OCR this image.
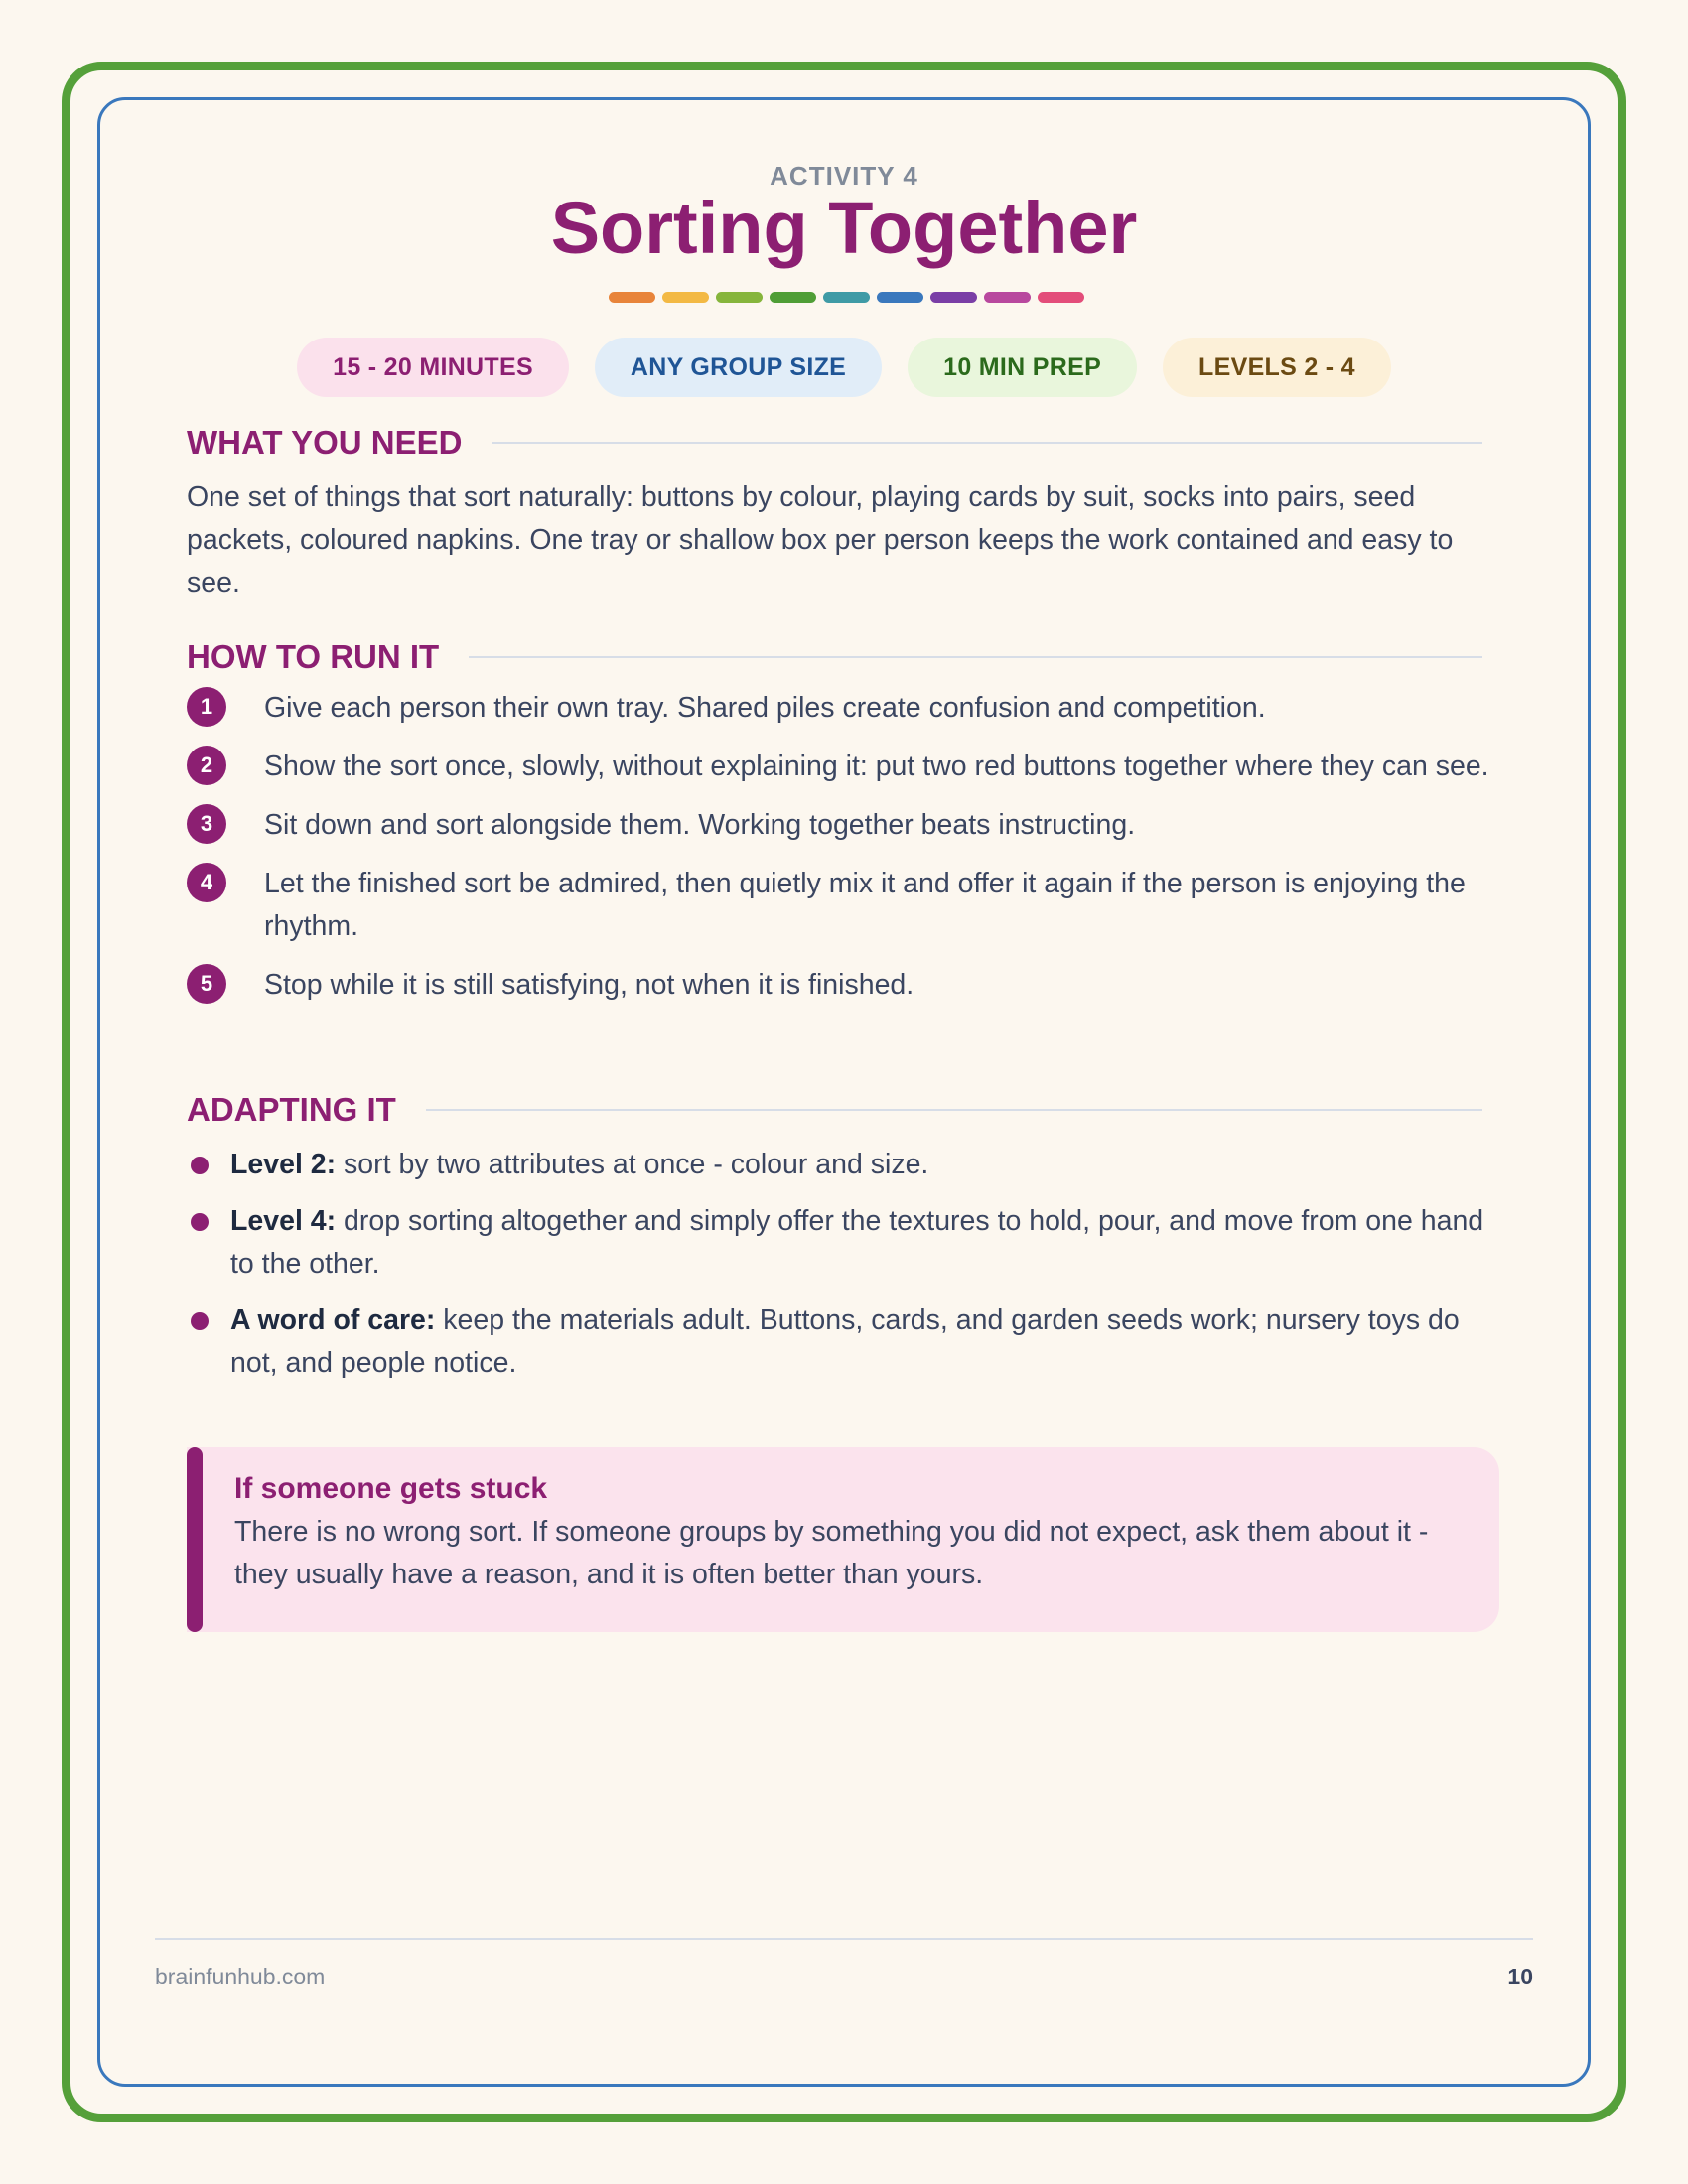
ACTIVITY 4
Sorting Together
15 - 20 MINUTES	ANY GROUP SIZE	10 MIN PREP	LEVELS 2 - 4
WHAT YOU NEED

One set of things that sort naturally: buttons by colour, playing cards by suit, socks into pairs, seed packets, coloured napkins. One tray or shallow box per person keeps the work contained and easy to see.

HOW TO RUN IT
1	Give each person their own tray. Shared piles create confusion and competition.
2	Show the sort once, slowly, without explaining it: put two red buttons together where they can see.
3	Sit down and sort alongside them. Working together beats instructing.
4	Let the finished sort be admired, then quietly mix it and offer it again if the person is enjoying the rhythm.
5	Stop while it is still satisfying, not when it is finished.
ADAPTING IT
Level 2: sort by two attributes at once - colour and size.
Level 4: drop sorting altogether and simply offer the textures to hold, pour, and move from one hand to the other.
A word of care: keep the materials adult. Buttons, cards, and garden seeds work; nursery toys do not, and people notice.
If someone gets stuck
There is no wrong sort. If someone groups by something you did not expect, ask them about it - they usually have a reason, and it is often better than yours.
brainfunhub.com	10
